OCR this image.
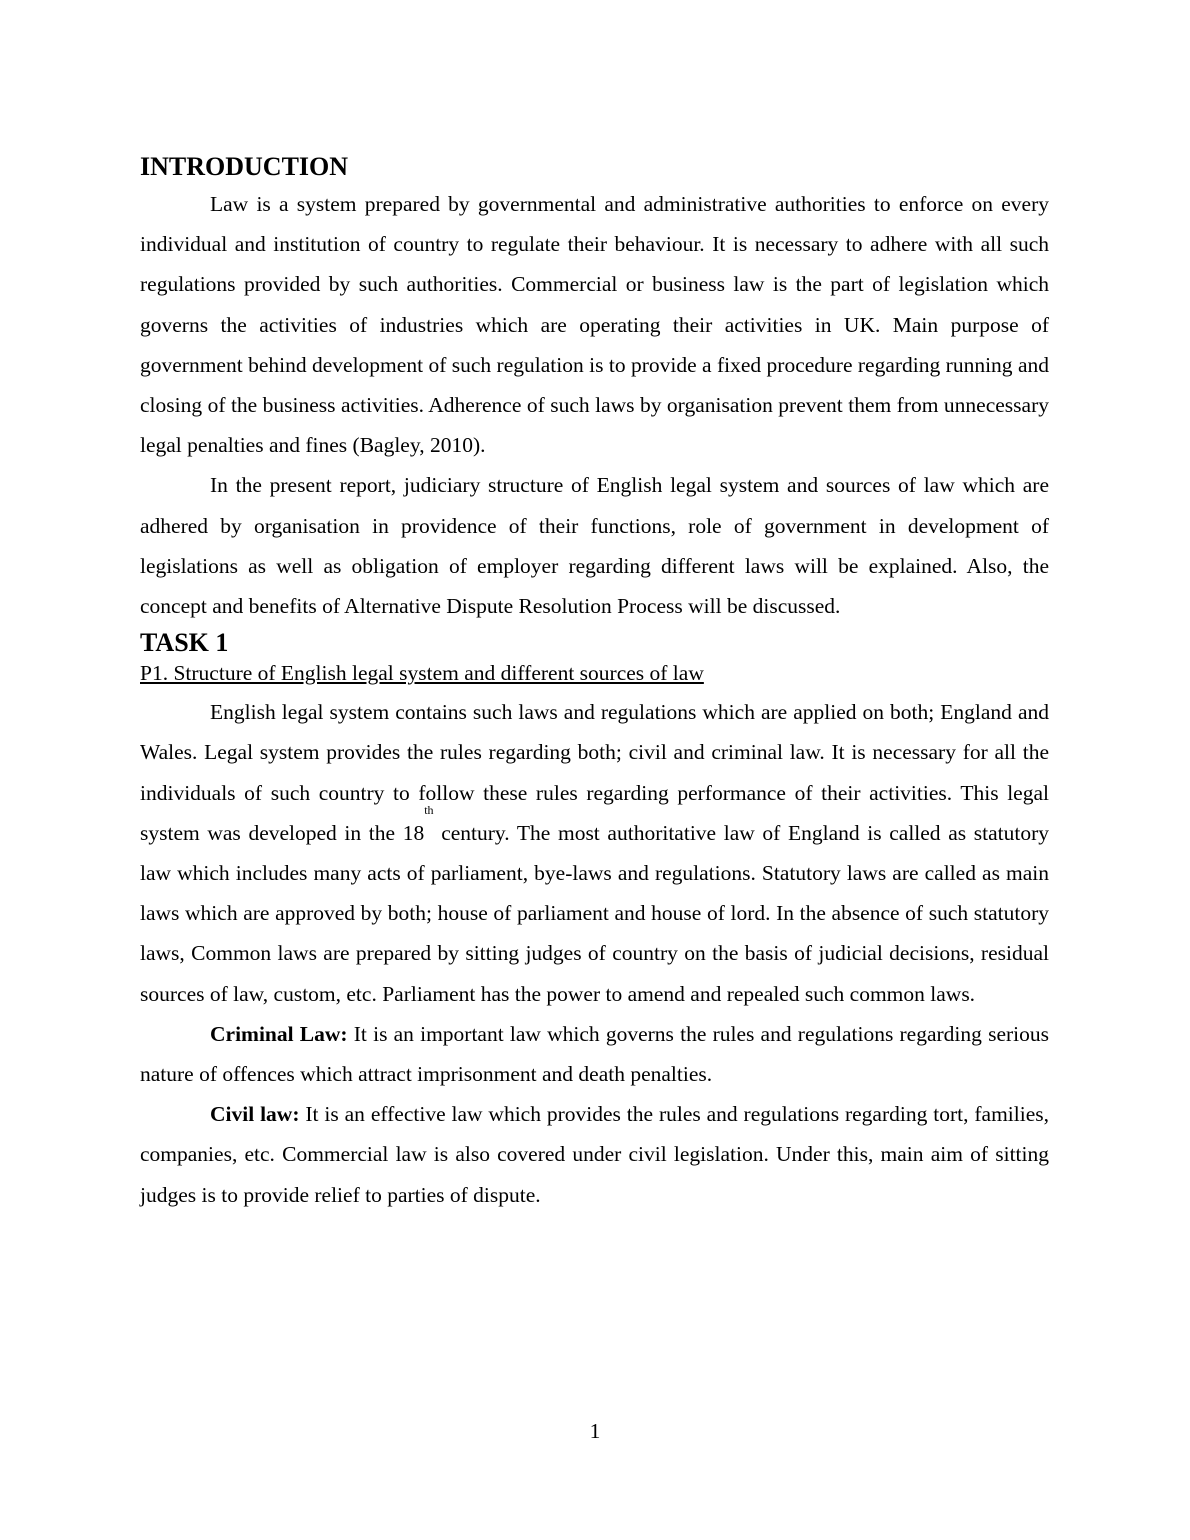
INTRODUCTION

Law is a system prepared by governmental and administrative authorities to enforce on every individual and institution of country to regulate their behaviour. It is necessary to adhere with all such regulations provided by such authorities. Commercial or business law is the part of legislation which governs the activities of industries which are operating their activities in UK. Main purpose of government behind development of such regulation is to provide a fixed procedure regarding running and closing of the business activities. Adherence of such laws by organisation prevent them from unnecessary legal penalties and fines (Bagley, 2010).

In the present report, judiciary structure of English legal system and sources of law which are adhered by organisation in providence of their functions, role of government in development of legislations as well as obligation of employer regarding different laws will be explained. Also, the concept and benefits of Alternative Dispute Resolution Process will be discussed.

TASK 1
P1. Structure of English legal system and different sources of law

English legal system contains such laws and regulations which are applied on both; England and Wales. Legal system provides the rules regarding both; civil and criminal law. It is necessary for all the individuals of such country to follow these rules regarding performance of their activities. This legal system was developed in the 18th century. The most authoritative law of England is called as statutory law which includes many acts of parliament, bye-laws and regulations. Statutory laws are called as main laws which are approved by both; house of parliament and house of lord. In the absence of such statutory laws, Common laws are prepared by sitting judges of country on the basis of judicial decisions, residual sources of law, custom, etc. Parliament has the power to amend and repealed such common laws.

Criminal Law: It is an important law which governs the rules and regulations regarding serious nature of offences which attract imprisonment and death penalties.

Civil law: It is an effective law which provides the rules and regulations regarding tort, families, companies, etc. Commercial law is also covered under civil legislation. Under this, main aim of sitting judges is to provide relief to parties of dispute.

1
